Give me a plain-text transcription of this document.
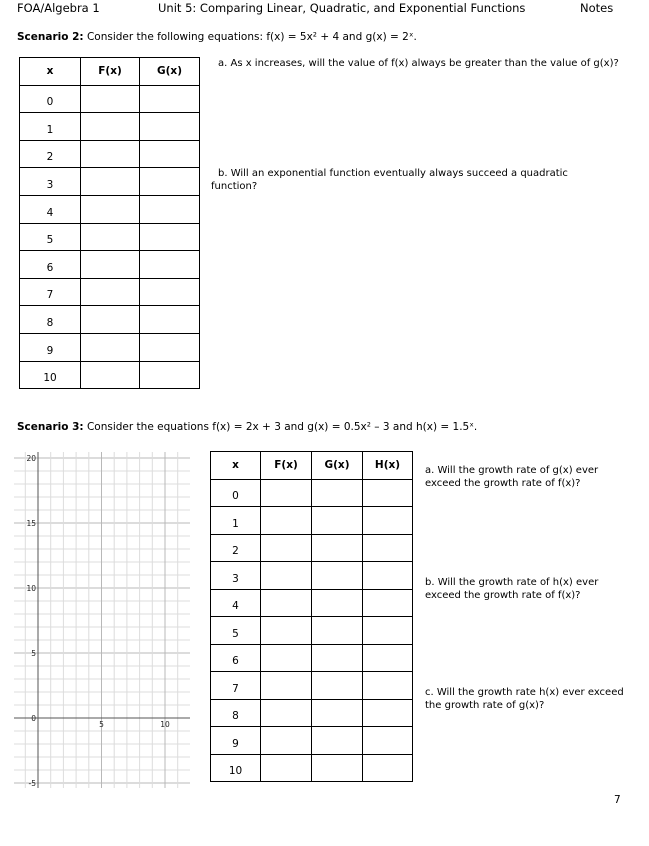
FOA/Algebra 1	Unit 5: Comparing Linear, Quadratic, and Exponential Functions	Notes
Scenario 2: Consider the following equations: f(x) = 5x² + 4 and g(x) = 2ˣ.
x	F(x)	G(x)
0		
1		
2		
3		
4		
5		
6		
7		
8		
9		
10		
a. As x increases, will the value of f(x) always be greater than the value of g(x)?
b. Will an exponential function eventually always succeed a quadratic function?
Scenario 3: Consider the equations f(x) = 2x + 3 and g(x) = 0.5x² – 3 and h(x) = 1.5ˣ.
20
15
10
5
0
-5
5	10
x	F(x)	G(x)	H(x)
0			
1			
2			
3			
4			
5			
6			
7			
8			
9			
10			
a. Will the growth rate of g(x) ever exceed the growth rate of f(x)?
b. Will the growth rate of h(x) ever exceed the growth rate of f(x)?
c. Will the growth rate h(x) ever exceed the growth rate of g(x)?
7
